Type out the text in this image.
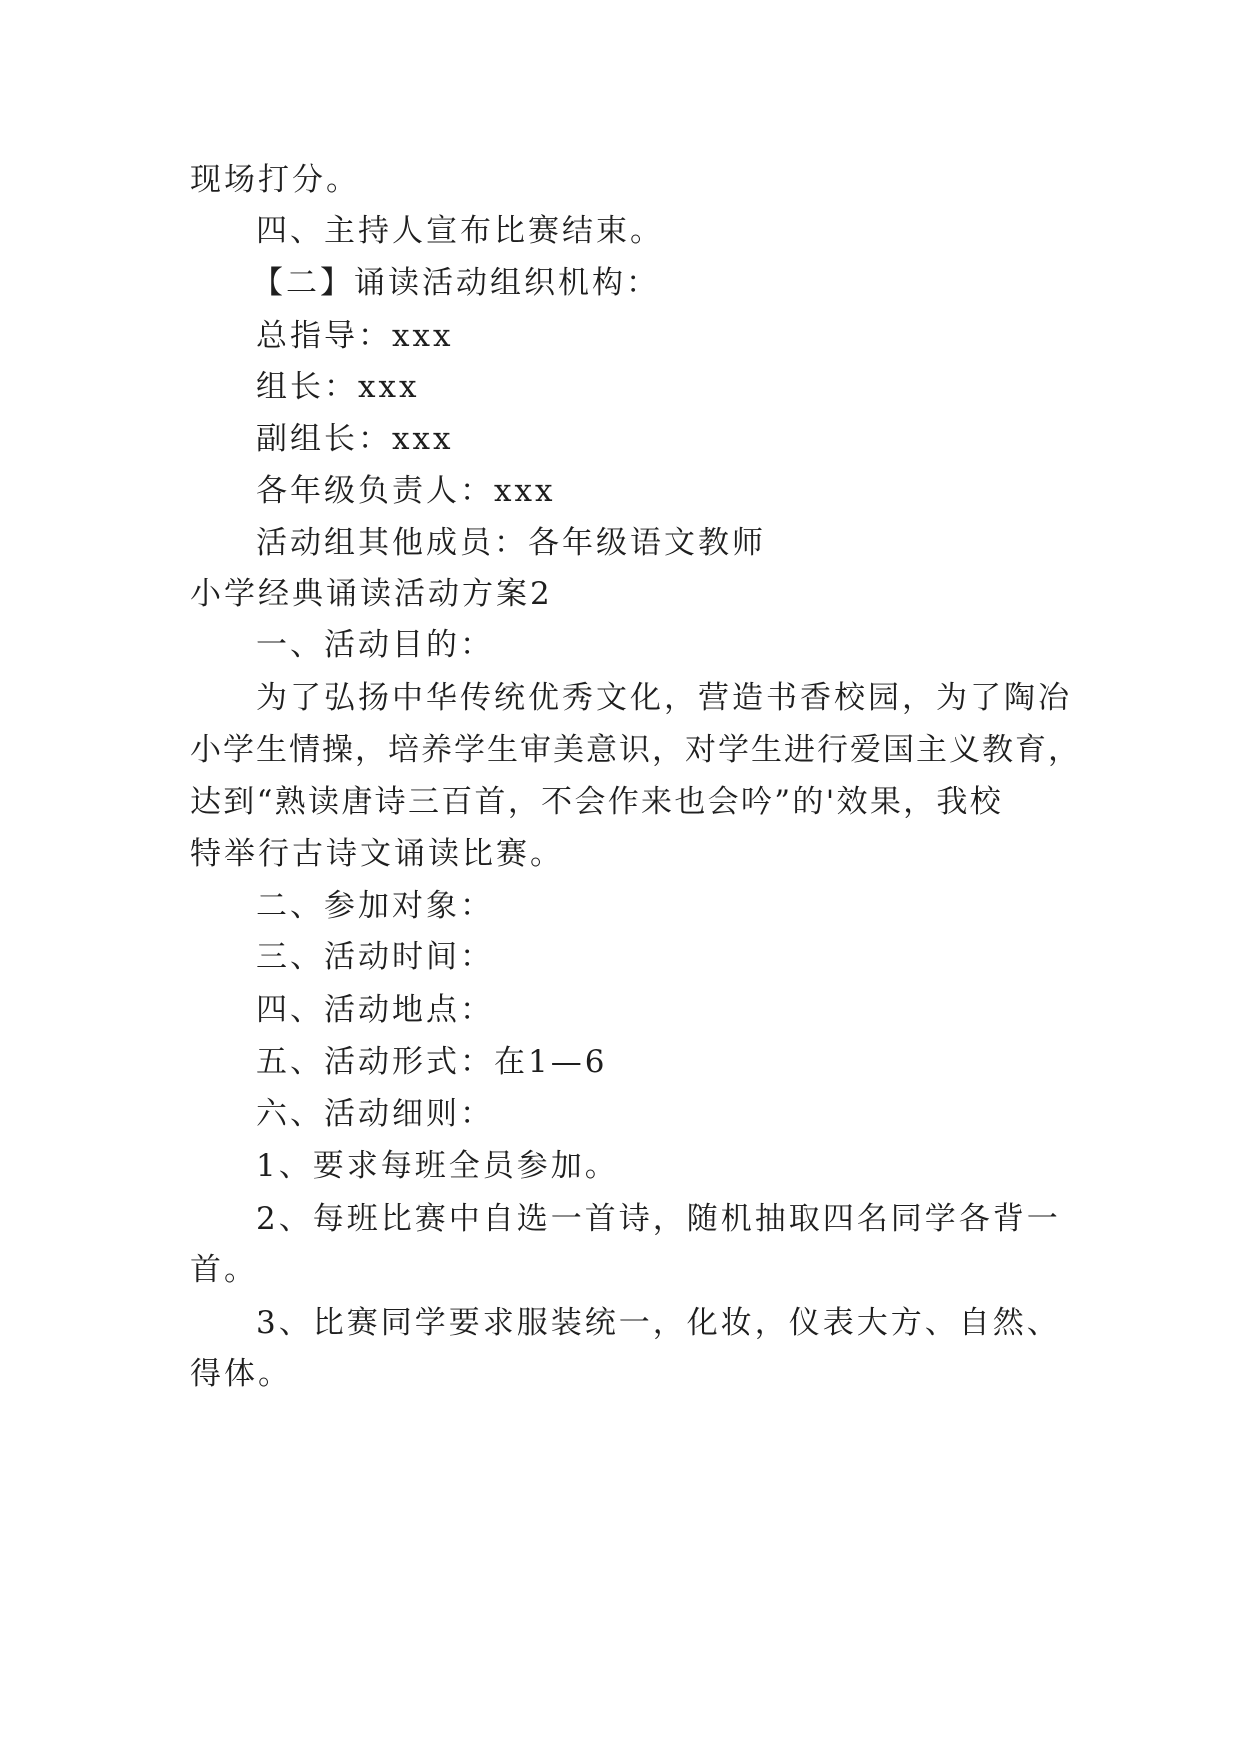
现场打分。
四、主持人宣布比赛结束。
【二】诵读活动组织机构：
总指导：xxx
组长：xxx
副组长：xxx
各年级负责人：xxx
活动组其他成员：各年级语文教师
小学经典诵读活动方案2
一、活动目的：
为了弘扬中华传统优秀文化，营造书香校园，为了陶冶
小学生情操，培养学生审美意识，对学生进行爱国主义教育，
达到“熟读唐诗三百首，不会作来也会吟”的'效果，我校
特举行古诗文诵读比赛。
二、参加对象：
三、活动时间：
四、活动地点：
五、活动形式：在1—6
六、活动细则：
1、要求每班全员参加。
2、每班比赛中自选一首诗，随机抽取四名同学各背一
首。
3、比赛同学要求服装统一，化妆，仪表大方、自然、
得体。
